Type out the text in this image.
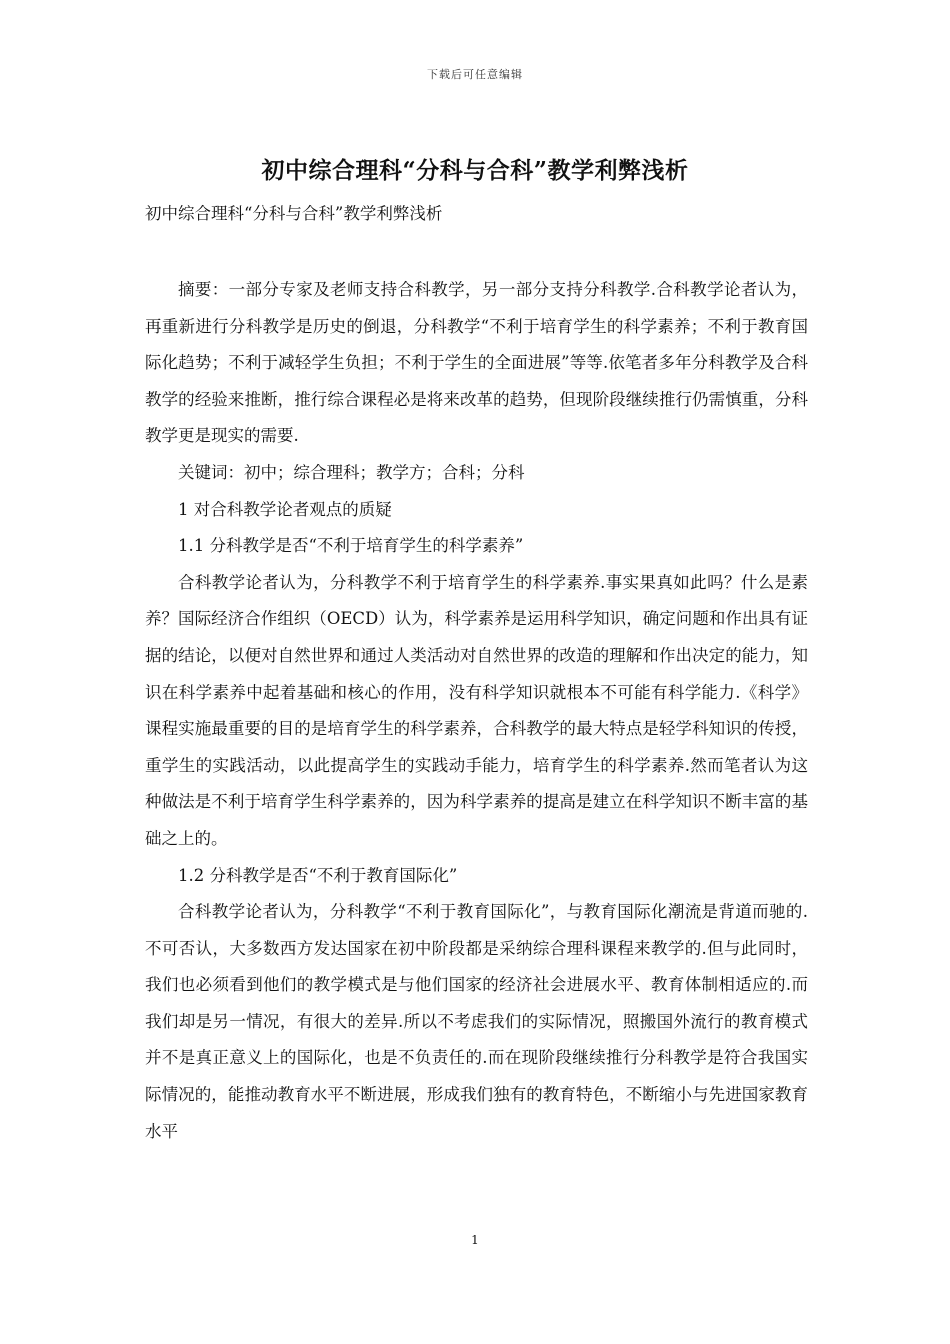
下载后可任意编辑
初中综合理科“分科与合科”教学利弊浅析
初中综合理科“分科与合科”教学利弊浅析

摘要：一部分专家及老师支持合科教学，另一部分支持分科教学.合科教学论者认为，再重新进行分科教学是历史的倒退，分科教学“不利于培育学生的科学素养；不利于教育国际化趋势；不利于减轻学生负担；不利于学生的全面进展”等等.依笔者多年分科教学及合科教学的经验来推断，推行综合课程必是将来改革的趋势，但现阶段继续推行仍需慎重，分科教学更是现实的需要.

关键词：初中；综合理科；教学方；合科；分科

1 对合科教学论者观点的质疑

1.1 分科教学是否“不利于培育学生的科学素养”

合科教学论者认为，分科教学不利于培育学生的科学素养.事实果真如此吗？什么是素养？国际经济合作组织（OECD）认为，科学素养是运用科学知识，确定问题和作出具有证据的结论，以便对自然世界和通过人类活动对自然世界的改造的理解和作出决定的能力，知识在科学素养中起着基础和核心的作用，没有科学知识就根本不可能有科学能力.《科学》课程实施最重要的目的是培育学生的科学素养，合科教学的最大特点是轻学科知识的传授，重学生的实践活动，以此提高学生的实践动手能力，培育学生的科学素养.然而笔者认为这种做法是不利于培育学生科学素养的，因为科学素养的提高是建立在科学知识不断丰富的基础之上的。

1.2 分科教学是否“不利于教育国际化”

合科教学论者认为，分科教学“不利于教育国际化”，与教育国际化潮流是背道而驰的.不可否认，大多数西方发达国家在初中阶段都是采纳综合理科课程来教学的.但与此同时，我们也必须看到他们的教学模式是与他们国家的经济社会进展水平、教育体制相适应的.而我们却是另一情况，有很大的差异.所以不考虑我们的实际情况，照搬国外流行的教育模式并不是真正意义上的国际化，也是不负责任的.而在现阶段继续推行分科教学是符合我国实际情况的，能推动教育水平不断进展，形成我们独有的教育特色，不断缩小与先进国家教育水平

1
